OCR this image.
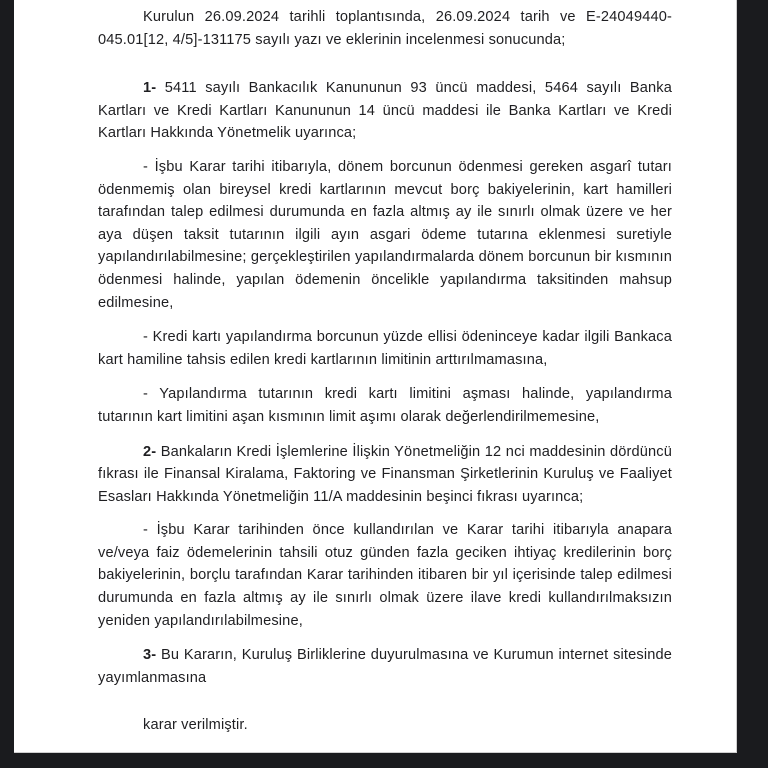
Kurulun 26.09.2024 tarihli toplantısında, 26.09.2024 tarih ve E-24049440-045.01[12, 4/5]-131175 sayılı yazı ve eklerinin incelenmesi sonucunda;

1- 5411 sayılı Bankacılık Kanununun 93 üncü maddesi, 5464 sayılı Banka Kartları ve Kredi Kartları Kanununun 14 üncü maddesi ile Banka Kartları ve Kredi Kartları Hakkında Yönetmelik uyarınca;

- İşbu Karar tarihi itibarıyla, dönem borcunun ödenmesi gereken asgarî tutarı ödenmemiş olan bireysel kredi kartlarının mevcut borç bakiyelerinin, kart hamilleri tarafından talep edilmesi durumunda en fazla altmış ay ile sınırlı olmak üzere ve her aya düşen taksit tutarının ilgili ayın asgari ödeme tutarına eklenmesi suretiyle yapılandırılabilmesine; gerçekleştirilen yapılandırmalarda dönem borcunun bir kısmının ödenmesi halinde, yapılan ödemenin öncelikle yapılandırma taksitinden mahsup edilmesine,

- Kredi kartı yapılandırma borcunun yüzde ellisi ödeninceye kadar ilgili Bankaca kart hamiline tahsis edilen kredi kartlarının limitinin arttırılmamasına,

- Yapılandırma tutarının kredi kartı limitini aşması halinde, yapılandırma tutarının kart limitini aşan kısmının limit aşımı olarak değerlendirilmemesine,

2- Bankaların Kredi İşlemlerine İlişkin Yönetmeliğin 12 nci maddesinin dördüncü fıkrası ile Finansal Kiralama, Faktoring ve Finansman Şirketlerinin Kuruluş ve Faaliyet Esasları Hakkında Yönetmeliğin 11/A maddesinin beşinci fıkrası uyarınca;

- İşbu Karar tarihinden önce kullandırılan ve Karar tarihi itibarıyla anapara ve/veya faiz ödemelerinin tahsili otuz günden fazla geciken ihtiyaç kredilerinin borç bakiyelerinin, borçlu tarafından Karar tarihinden itibaren bir yıl içerisinde talep edilmesi durumunda en fazla altmış ay ile sınırlı olmak üzere ilave kredi kullandırılmaksızın yeniden yapılandırılabilmesine,

3- Bu Kararın, Kuruluş Birliklerine duyurulmasına ve Kurumun internet sitesinde yayımlanmasına

karar verilmiştir.
